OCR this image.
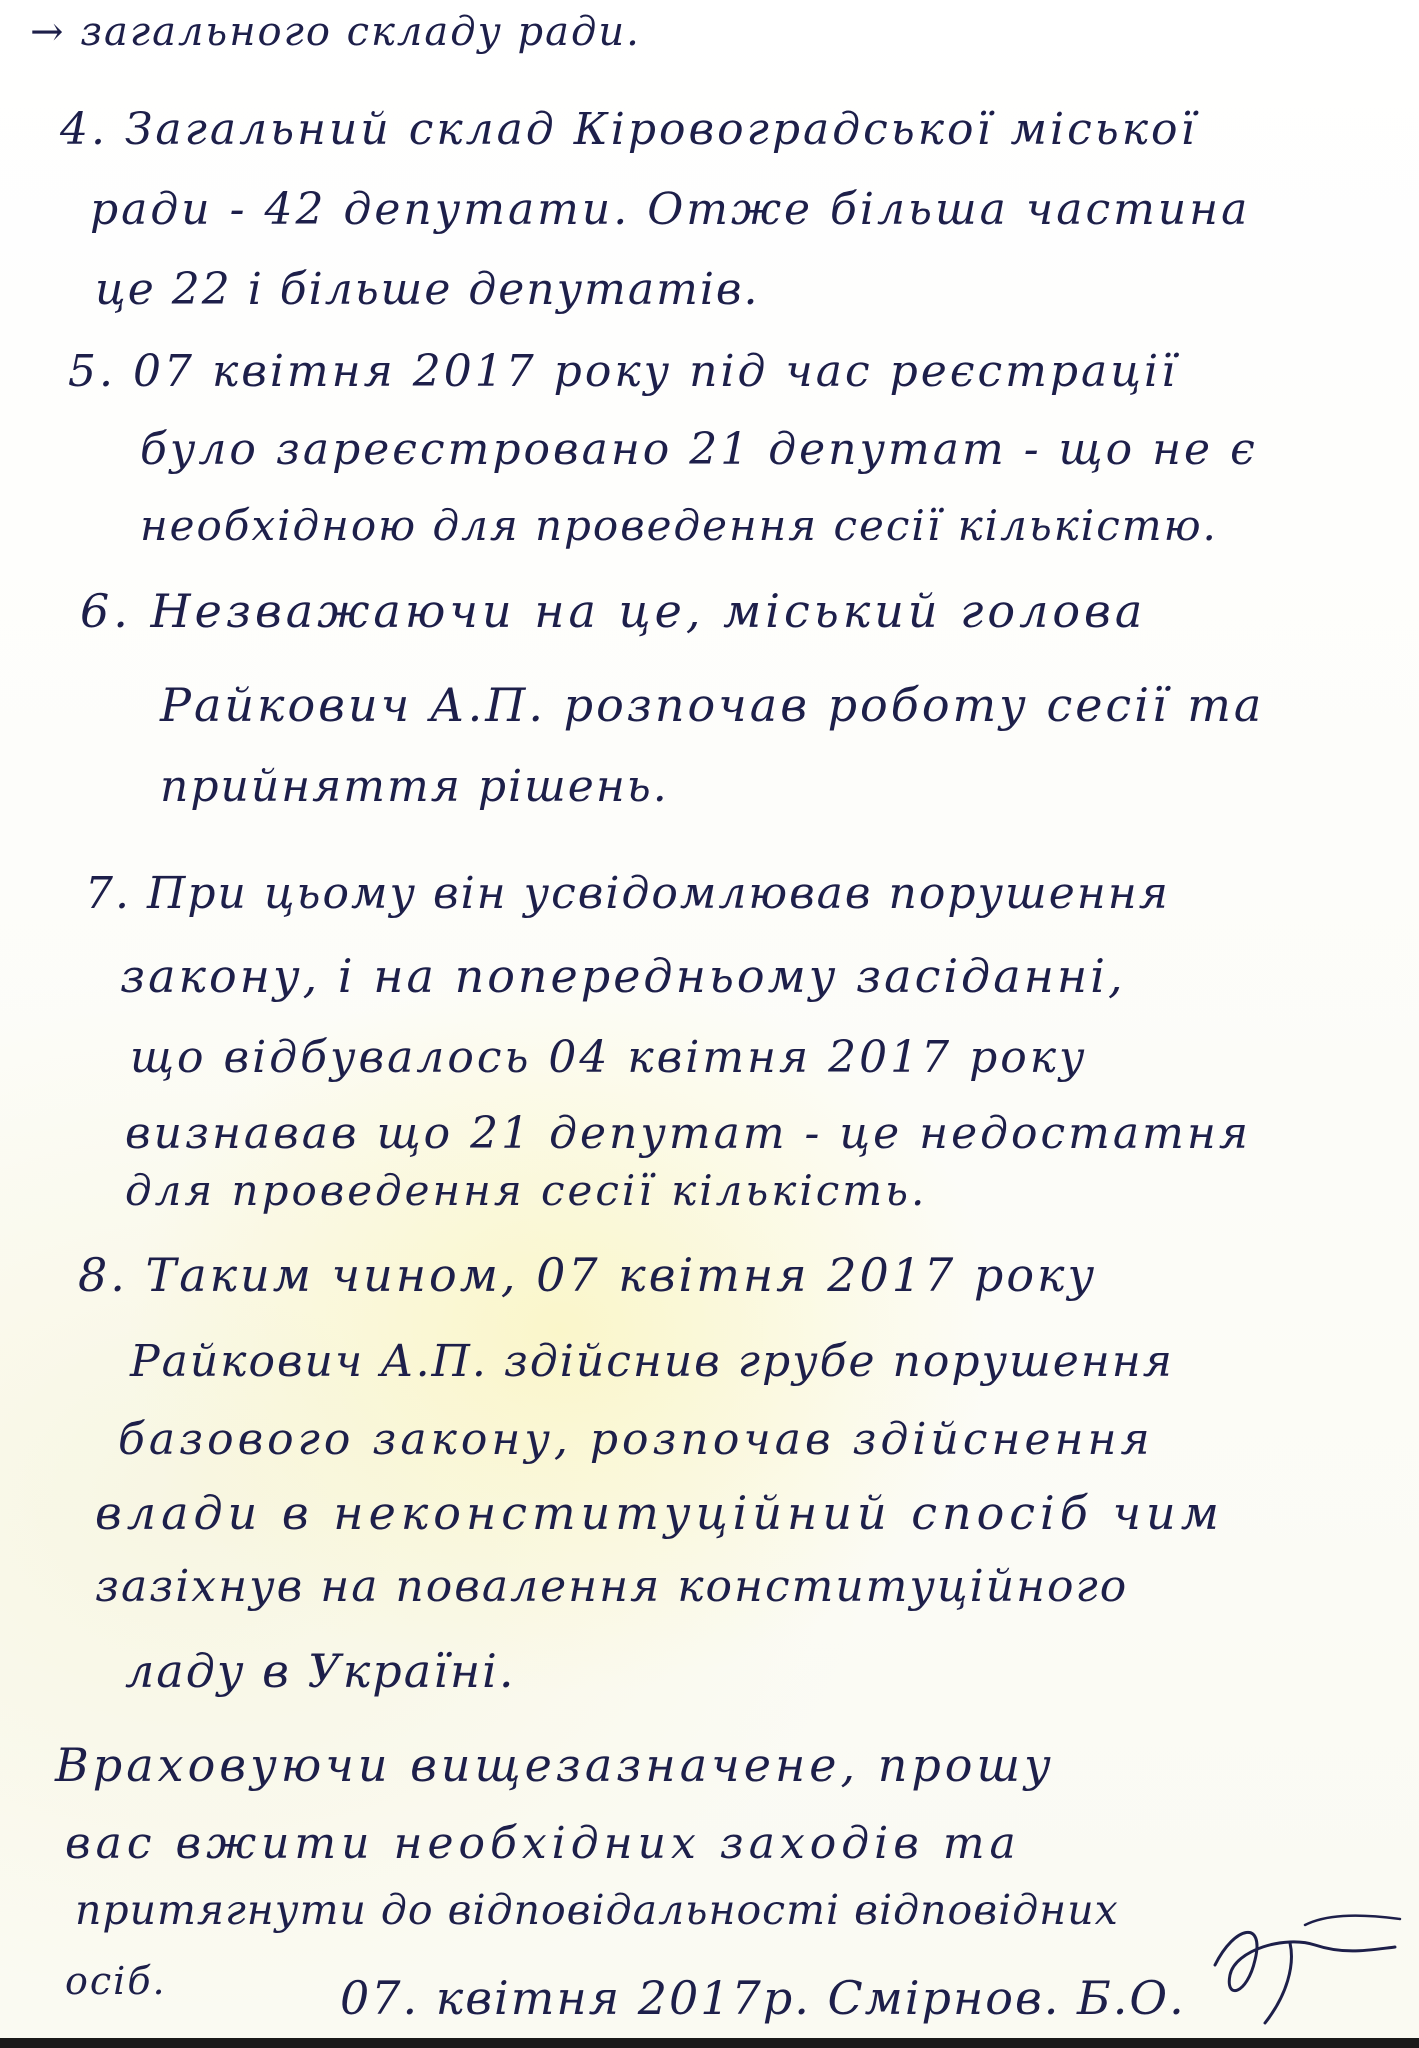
→ загального складу ради.
4. Загальний склад Кіровоградської міської
ради - 42 депутати. Отже більша частина
це 22 і більше депутатів.
5. 07 квітня 2017 року під час реєстрації
було зареєстровано 21 депутат - що не є
необхідною для проведення сесії кількістю.
6. Незважаючи на це, міський голова
Райкович А.П. розпочав роботу сесії та
прийняття рішень.
7. При цьому він усвідомлював порушення
закону, і на попередньому засіданні,
що відбувалось 04 квітня 2017 року
визнавав що 21 депутат - це недостатня
для проведення сесії кількість.
8. Таким чином, 07 квітня 2017 року
Райкович А.П. здійснив грубе порушення
базового закону, розпочав здійснення
влади в неконституційний спосіб чим
зазіхнув на повалення конституційного
ладу в Україні.
Враховуючи вищезазначене, прошу
вас вжити необхідних заходів та
притягнути до відповідальності відповідних
осіб.	07. квітня 2017р. Смірнов. Б.О.
